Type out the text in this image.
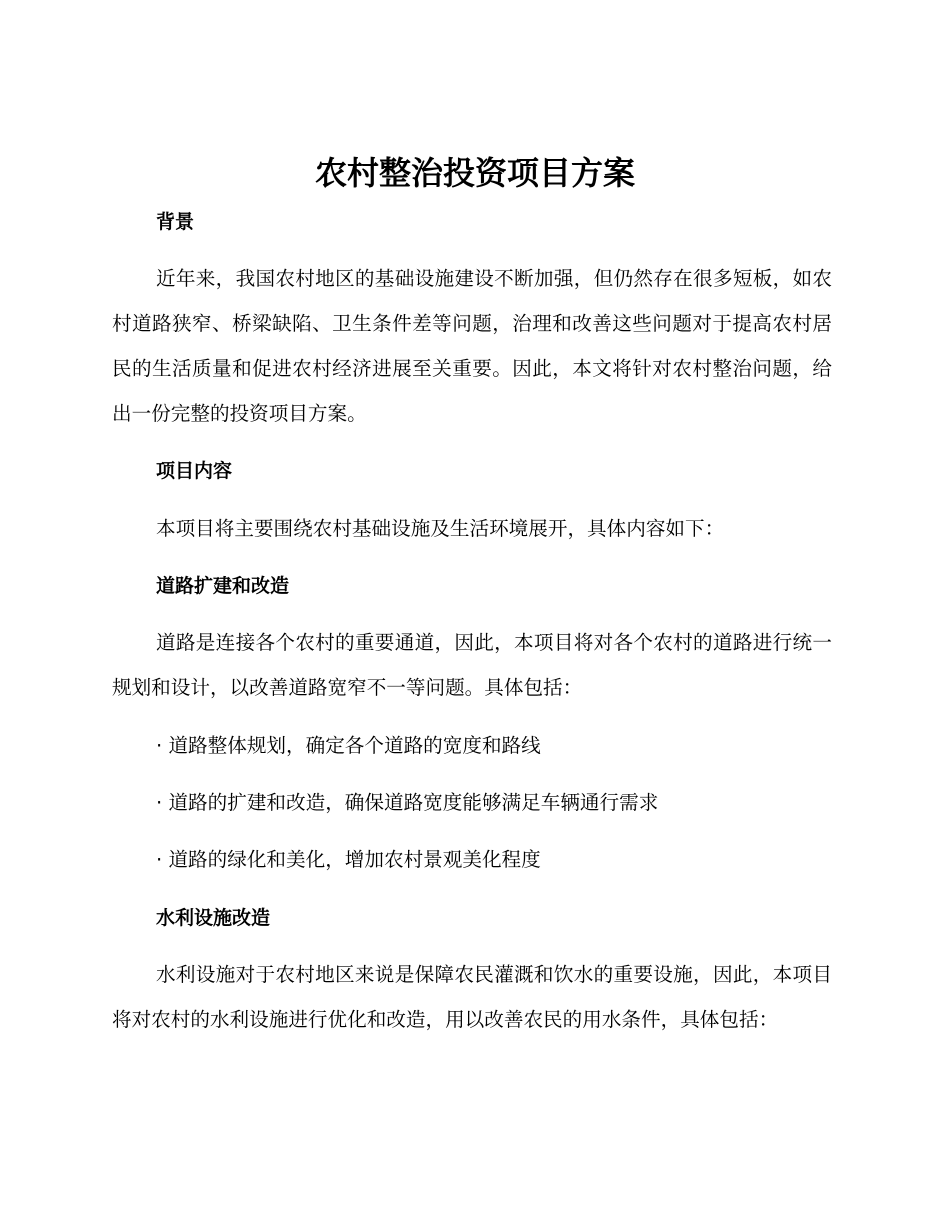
农村整治投资项目方案
背景

近年来，我国农村地区的基础设施建设不断加强，但仍然存在很多短板，如农村道路狭窄、桥梁缺陷、卫生条件差等问题，治理和改善这些问题对于提高农村居民的生活质量和促进农村经济进展至关重要。因此，本文将针对农村整治问题，给出一份完整的投资项目方案。

项目内容

本项目将主要围绕农村基础设施及生活环境展开，具体内容如下：

道路扩建和改造

道路是连接各个农村的重要通道，因此，本项目将对各个农村的道路进行统一规划和设计，以改善道路宽窄不一等问题。具体包括：

· 道路整体规划，确定各个道路的宽度和路线

· 道路的扩建和改造，确保道路宽度能够满足车辆通行需求

· 道路的绿化和美化，增加农村景观美化程度

水利设施改造

水利设施对于农村地区来说是保障农民灌溉和饮水的重要设施，因此，本项目将对农村的水利设施进行优化和改造，用以改善农民的用水条件，具体包括：
